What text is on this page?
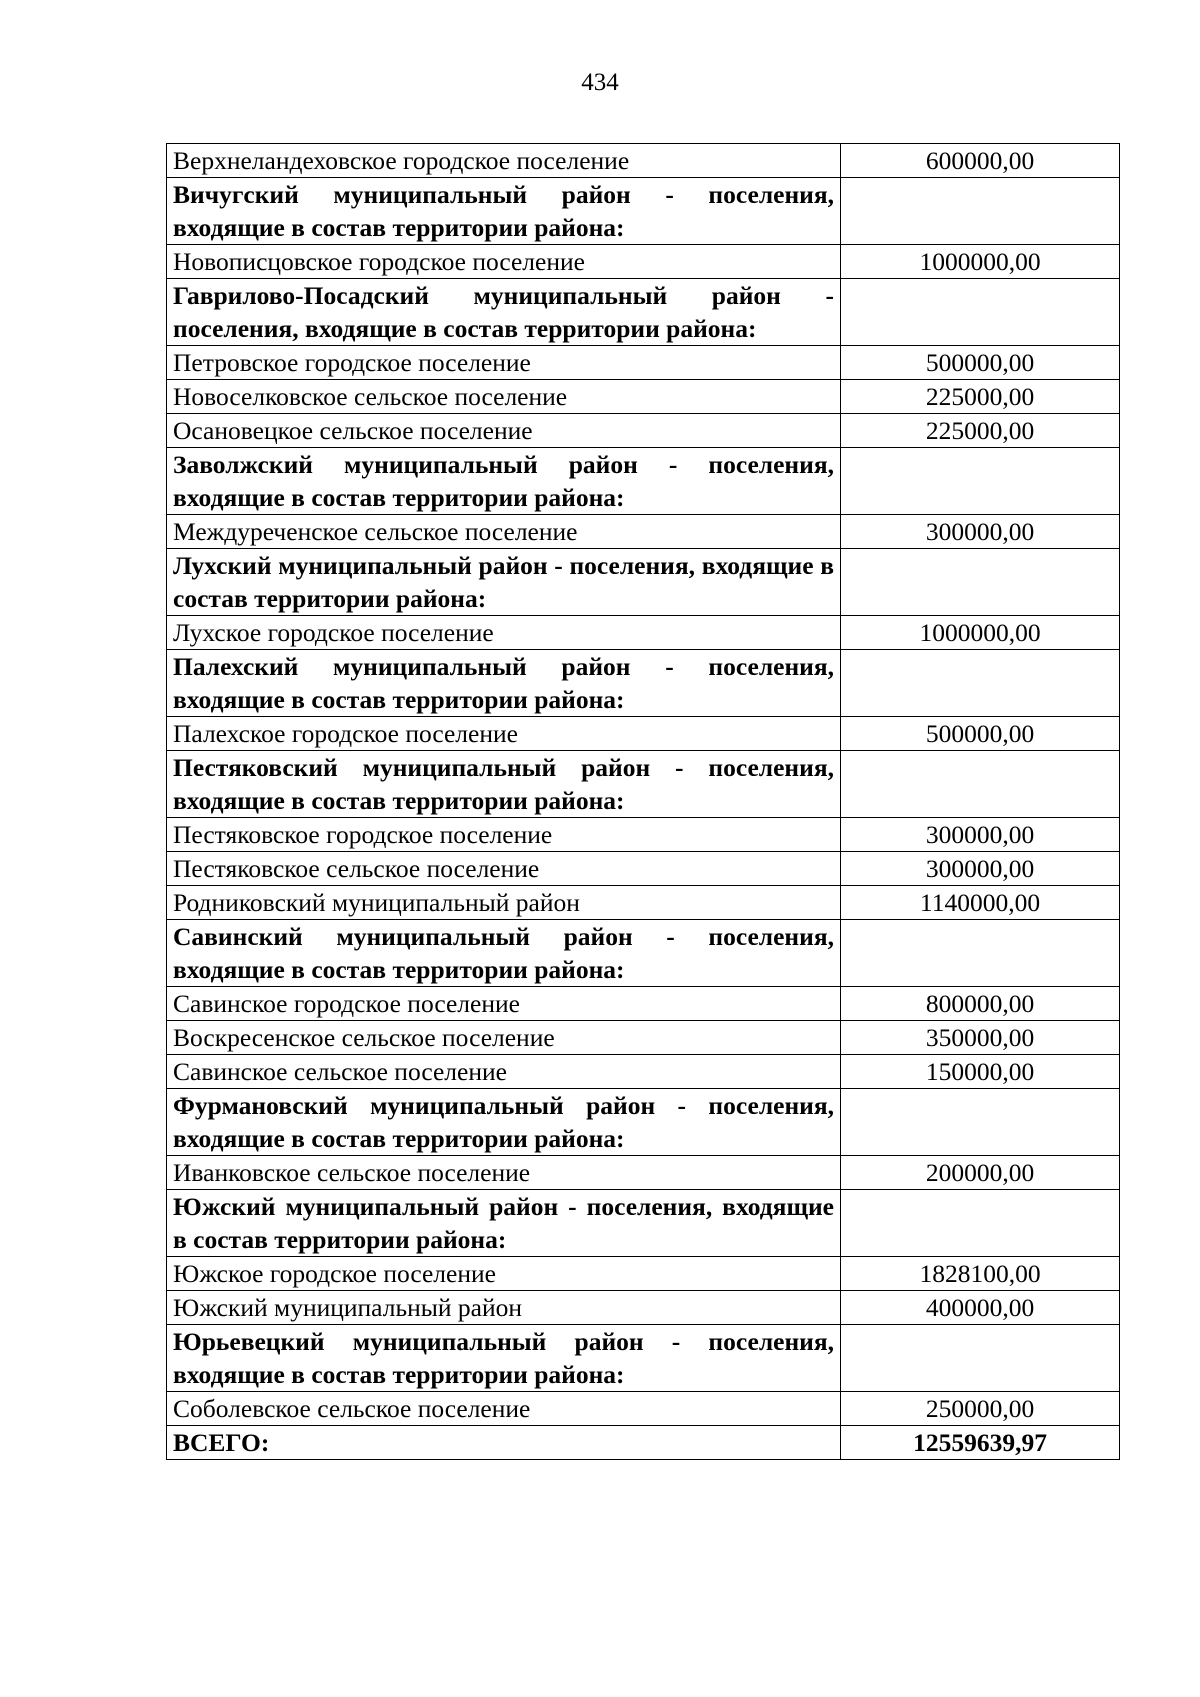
434
Верхнеландеховское городское поселение	600000,00
Вичугский муниципальный район - поселения, входящие в состав территории района:	
Новописцовское городское поселение	1000000,00
Гаврилово-Посадский муниципальный район - поселения, входящие в состав территории района:	
Петровское городское поселение	500000,00
Новоселковское сельское поселение	225000,00
Осановецкое сельское поселение	225000,00
Заволжский муниципальный район - поселения, входящие в состав территории района:	
Междуреченское сельское поселение	300000,00
Лухский муниципальный район - поселения, входящие в состав территории района:	
Лухское городское поселение	1000000,00
Палехский муниципальный район - поселения, входящие в состав территории района:	
Палехское городское поселение	500000,00
Пестяковский муниципальный район - поселения, входящие в состав территории района:	
Пестяковское городское поселение	300000,00
Пестяковское сельское поселение	300000,00
Родниковский муниципальный район	1140000,00
Савинский муниципальный район - поселения, входящие в состав территории района:	
Савинское городское поселение	800000,00
Воскресенское сельское поселение	350000,00
Савинское сельское поселение	150000,00
Фурмановский муниципальный район - поселения, входящие в состав территории района:	
Иванковское сельское поселение	200000,00
Южский муниципальный район - поселения, входящие в состав территории района:	
Южское городское поселение	1828100,00
Южский муниципальный район	400000,00
Юрьевецкий муниципальный район - поселения, входящие в состав территории района:	
Соболевское сельское поселение	250000,00
ВСЕГО:	12559639,97
